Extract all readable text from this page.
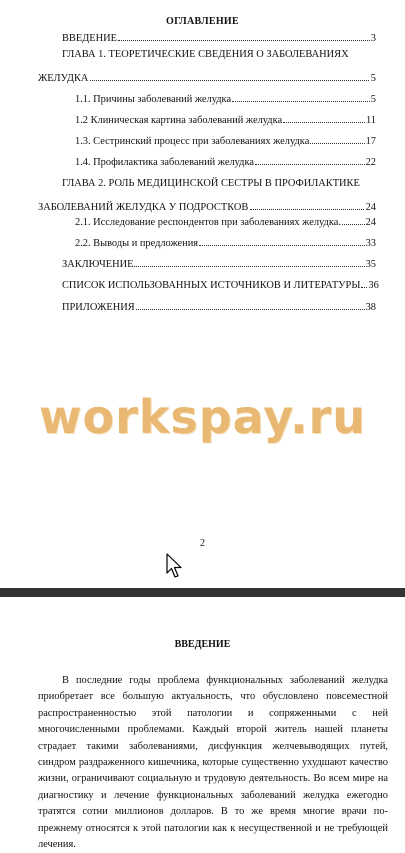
ОГЛАВЛЕНИЕ
ВВЕДЕНИЕ	3
ГЛАВА 1. ТЕОРЕТИЧЕСКИЕ СВЕДЕНИЯ О ЗАБОЛЕВАНИЯХ
ЖЕЛУДКА	5
1.1. Причины заболеваний желудка	5
1.2 Клиническая картина заболеваний желудка	11
1.3. Сестринский процесс при заболеваниях желудка	17
1.4. Профилактика заболеваний желудка	22
ГЛАВА 2. РОЛЬ МЕДИЦИНСКОЙ СЕСТРЫ В ПРОФИЛАКТИКЕ
ЗАБОЛЕВАНИЙ ЖЕЛУДКА У ПОДРОСТКОВ	24
2.1. Исследование респондентов при заболеваниях желудка. 24
2.2. Выводы и предложения	33
ЗАКЛЮЧЕНИЕ	35
СПИСОК ИСПОЛЬЗОВАННЫХ ИСТОЧНИКОВ И ЛИТЕРАТУРЫ 36
ПРИЛОЖЕНИЯ	38
workspay.ru
2
ВВЕДЕНИЕ
В последние годы проблема функциональных заболеваний желудка приобретает все большую актуальность, что обусловлено повсеместной распространенностью этой патологии и сопряженными с ней многочисленными проблемами. Каждый второй житель нашей планеты страдает такими заболеваниями, дисфункция желчевыводящих путей, синдром раздраженного кишечника, которые существенно ухудшают качество жизни, ограничивают социальную и трудовую деятельность. Во всем мире на диагностику и лечение функциональных заболеваний желудка ежегодно тратятся сотни миллионов долларов. В то же время многие врачи по-прежнему относятся к этой патологии как к несущественной и не требующей лечения.
